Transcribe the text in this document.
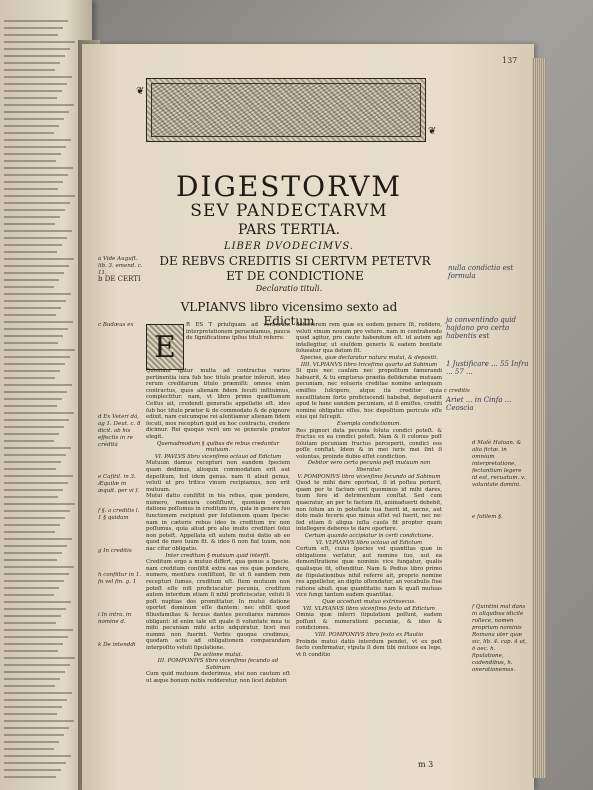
137
❦
❦
DIGESTORVM
SEV PANDECTARVM
PARS TERTIA.
LIBER DVODECIMVS.
DE REBVS CREDITIS SI CERTVM PETETVR ET DE CONDICTIONE
Declaratio tituli.
VLPIANVS libro vicensimo sexto ad Edictum
a Vide Auguſt. lib. 3. emend. c. 11.
b DE CERTI
c Budæus ex
d Ex Veteri dá, ag 1. Deut. c. 8 dicit. ab his effectis in re créditá
e Caſitil. in 3. Æquilæ in æquit. per vi f.
f §. a creditis l. 1 § quidam
g In creditis
h confiitur in 1. fo vel fin. g. 1
i In intra. in nomine d.
k De intenddi
c creditis
d Malè Haloan. & alia fictæ. in omnium interpretatione, fectantium legere id est, recuatum. v. voluntate domini.
e fatilem §.
f Quintini mal dans in aliquibus idicile rollece, nomen proprium nominis Romana uter quæ sic, lib. 4. cap. 4 ut, ö aec. h. fipulatione, cadendibus, h. onerationemas.
nulla condictio est formula
ja conventindo quid hajdano pro certo habentis est
1 Justificare ... 55 Infra ... 57 ...
Ariet ... in Cinfa ... Ceoscia
E

R ES T priuſquam ad verborum interpretationem perueniamus, pauca de ſignificatione ipſius tituli referre.

Quoniam igitur multa ad contractus varios pertinentia iura fub hoc titulo prætor inſeruit, ideo rerum creditarum titulo præmiſit: omnes enim contractus, quos alienam fidem ſecuti inſituimus, complectitur: nam, vt libro primo quæſtionum Celſus ait, credendi generalis appellatio eſt. ideo ſub hoc titulo prætor & de commodato & de pignore edixit. nam cuicumque rei aſentiamur alienam fidem ſecuti, mox recepturi quid ex hoc contractu, credere dicimur. Rei quoque verô um ve generale prætor elegit.

Quemadmodum § quibus de rebus creduntur mutuum.

VI. PAVLVS libro vicenſimo octauo ad Edictum

Mutuum damus recepturi non eandem ſpeciem quam dedimus, alioquin commodatum erit aut depoſitum, ſed idem genus. nam ſi aliud genus, veluti ut pro tritico vinum recipiamus, non erit mutuum.

Mutui datio conſiſtit in his rebus, quæ pondere, numero, mensura conſiſtunt, quoniam eorum datione poſſumus in creditum ire, quia in genere ſuo functionem recipiunt per ſolutionem quam ſpecie: nam in cæteris rebus ideo in creditum ire non poſſumus, quia aliud pro alio inuito creditori ſolui non poteſt. Appellata eſt autem mutui datio ab eo quod de meo tuum fit. & ideo ſi non fiat tuum, non nac citur obligatio.

Inter creditum § mutuum quid interſit.

Creditum ergo a mutuo differt, qua genus a ſpecie. nam creditum conſiſtit extra eas res quæ pondere, numero, menſura conſiſtunt, ſic ut ſi eandem rem recepturi ſumus, creditum eſt. Item mutuum non poteſt eſſe niſi proficiscatur pecunia, creditum autem interdum etiam ſi nihil proficiscatur, veluti ſi poſt nuptias dos promittatur. In mutui datione oportet dominum eſſe dantem: nec obſit quod filiusfamilias & ſeruus dantes peculiares nummos obligant: id enim tale eſt quale ſi voluntate mea tu mihi pecuniam mihi actio adquiratur, licet mei nummi non fuerint. Verbis quoque credimus, quodam actu ad obligationem comparandam interpoſito veluti ſipulatione.

De actione mutui.

III. POMPONIVS libro vicenſimo ſecundo ad Sabinum

Cum quid mutuum dederimus, etsi non cautum eſt ut æque bonum nobis redderetur, non licet debitori

deteriorem rem quæ ex eodem genere ſit, reddere, veluti vinum nouum pro vetere. nam in contrahendo quod agitur, pro cauto habendum eſt. id autem agi intellegitur, ut eiuſdem generis & eadem bonitate ſolueatur qua datum ſit.

Species, quæ declaratur natura mutui, & depositi.

IIII. VLPIANVS libro triceſimo quarto ad Sabinum

Si quis nec cauſam nec propoſitum fænerandi habuerit, & tu empturus prædia deſideratæ mutuam pecuniam, nec volueris creditae nomine antequam emiſſes ſuſcipere, atque ita creditor quia neceſſitatem forte proficiscendi habebat, depoſuerit apud te hanc eandem pecuniam, ut ſi emiſſes, crediti nomine obligatus eſſes, hoc depoſitum periculo eſſe eius qui ſuſcepit.

Exempla condictionum.

Res pignori data pecunia ſoluta condici poteſt. & fructus ex ea condici poteſt. Nam & ſi colonus poſt ſolutam pecuniam fructus perceperit, condici eos poſſe conſtat. Idem & in mei iuris mei ſint ſi voluntas, proinde dubio eſſet condiction.

Debitor vero certa pecunia peſt mutuum non liberatur.

V. POMPONIVS libro vicenſimo ſecundo ad Sabinum

Quod te mihi dare oporteat, ſi id poſtea perierit, quam per te factum erit quominus id mihi dares, tuum fore id detrimentum conſtat. Sed cum quaeratur, an per te factum fit, animaduerti debebit, non ſolum an in poteſtate tua fuerit id, necne, aut dolo malo feceris quo minus eſſet vel fuerit, nec ne: ſed etiam ſi aliqua iuſta cauſa fit propter quam intellegere deberes te dare oportere.

Certum quando accipiatur in certi condictione.

VI. VLPIANVS libro octauo ad Edictum

Certum eſt, cuius ſpecies vel quantitas quæ in obligatione verſatur, aut nomine ſuo, aut ea demonſtratione quæ nominis vice fungatur, qualis qualisque ſit, oſtenditur. Nam & Pedius libro primo de ſiipulationibus nihil referre ait, proprio nomine res appelletur, an digito oſtendatur, an vocabulis ſiue ratione abuſi. quæ quantitatis: nam & quaſi mutuas vice fungi tantum eadem quantitas.

Quæ accedunt mutuo extrinsecus.

VII. VLPIANVS libro vicenſimo ſexto ad Edictum

Omnia quæ inferri ſiipulationi poſſunt, eadem poſſunt & numerationi pecuniæ, & ideo & condiciones.

VIII. POMPONIVS libro ſexto ex Plautio

Proinde mutui datio interdum pendet, vt ex poſt facto confirmatur, vtputa ſi dem tibi mutuos ea lege, vt ſi conditio

m 3
